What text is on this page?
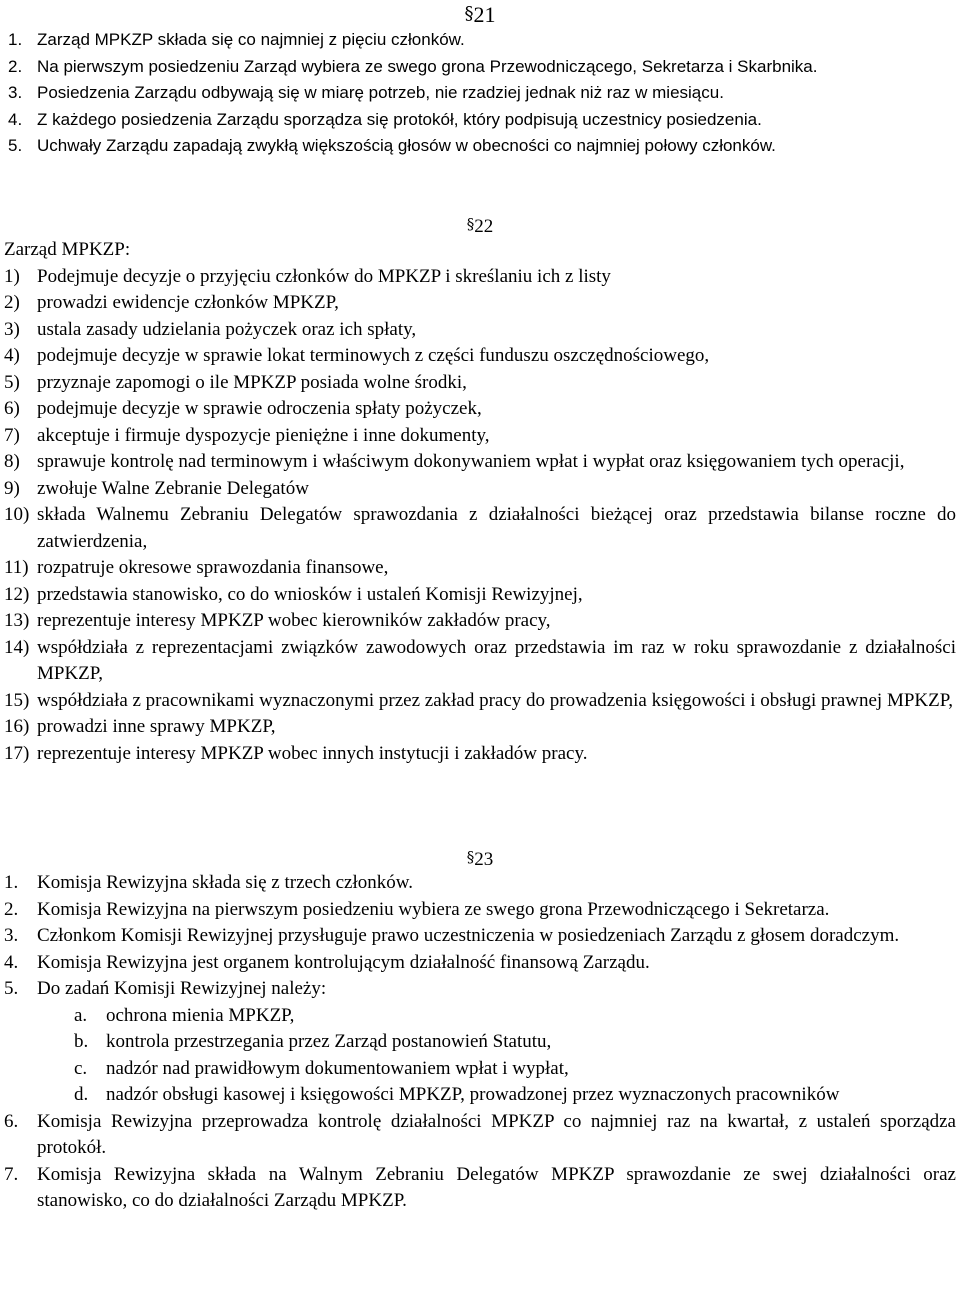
§21
1. Zarząd MPKZP składa się co najmniej z pięciu członków.
2. Na pierwszym posiedzeniu Zarząd wybiera ze swego grona Przewodniczącego, Sekretarza i Skarbnika.
3. Posiedzenia Zarządu odbywają się w miarę potrzeb, nie rzadziej jednak niż raz w miesiącu.
4. Z każdego posiedzenia Zarządu sporządza się protokół, który podpisują uczestnicy posiedzenia.
5. Uchwały Zarządu zapadają zwykłą większością głosów w obecności co najmniej połowy członków.
§22

Zarząd MPKZP:

1) Podejmuje decyzje o przyjęciu członków do MPKZP i skreślaniu ich z listy
2) prowadzi ewidencje członków MPKZP,
3) ustala zasady udzielania pożyczek oraz ich spłaty,
4) podejmuje decyzje w sprawie lokat terminowych z części funduszu oszczędnościowego,
5) przyznaje zapomogi o ile MPKZP posiada wolne środki,
6) podejmuje decyzje w sprawie odroczenia spłaty pożyczek,
7) akceptuje i firmuje dyspozycje pieniężne i inne dokumenty,
8) sprawuje kontrolę nad terminowym i właściwym dokonywaniem wpłat i wypłat oraz księgowaniem tych operacji,
9) zwołuje Walne Zebranie Delegatów
10) składa Walnemu Zebraniu Delegatów sprawozdania z działalności bieżącej oraz przedstawia bilanse roczne do zatwierdzenia,
11) rozpatruje okresowe sprawozdania finansowe,
12) przedstawia stanowisko, co do wniosków i ustaleń Komisji Rewizyjnej,
13) reprezentuje interesy MPKZP wobec kierowników zakładów pracy,
14) współdziała z reprezentacjami związków zawodowych oraz przedstawia im raz w roku sprawozdanie z działalności MPKZP,
15) współdziała z pracownikami wyznaczonymi przez zakład pracy do prowadzenia księgowości i obsługi prawnej MPKZP,
16) prowadzi inne sprawy MPKZP,
17) reprezentuje interesy MPKZP wobec innych instytucji i zakładów pracy.
§23
1. Komisja Rewizyjna składa się z trzech członków.
2. Komisja Rewizyjna na pierwszym posiedzeniu wybiera ze swego grona Przewodniczącego i Sekretarza.
3. Członkom Komisji Rewizyjnej przysługuje prawo uczestniczenia w posiedzeniach Zarządu z głosem doradczym.
4. Komisja Rewizyjna jest organem kontrolującym działalność finansową Zarządu.
5. Do zadań Komisji Rewizyjnej należy:
a. ochrona mienia MPKZP,
b. kontrola przestrzegania przez Zarząd postanowień Statutu,
c. nadzór nad prawidłowym dokumentowaniem wpłat i wypłat,
d. nadzór obsługi kasowej i księgowości MPKZP, prowadzonej przez wyznaczonych pracowników
6. Komisja Rewizyjna przeprowadza kontrolę działalności MPKZP co najmniej raz na kwartał, z ustaleń sporządza protokół.
7. Komisja Rewizyjna składa na Walnym Zebraniu Delegatów MPKZP sprawozdanie ze swej działalności oraz stanowisko, co do działalności Zarządu MPKZP.
